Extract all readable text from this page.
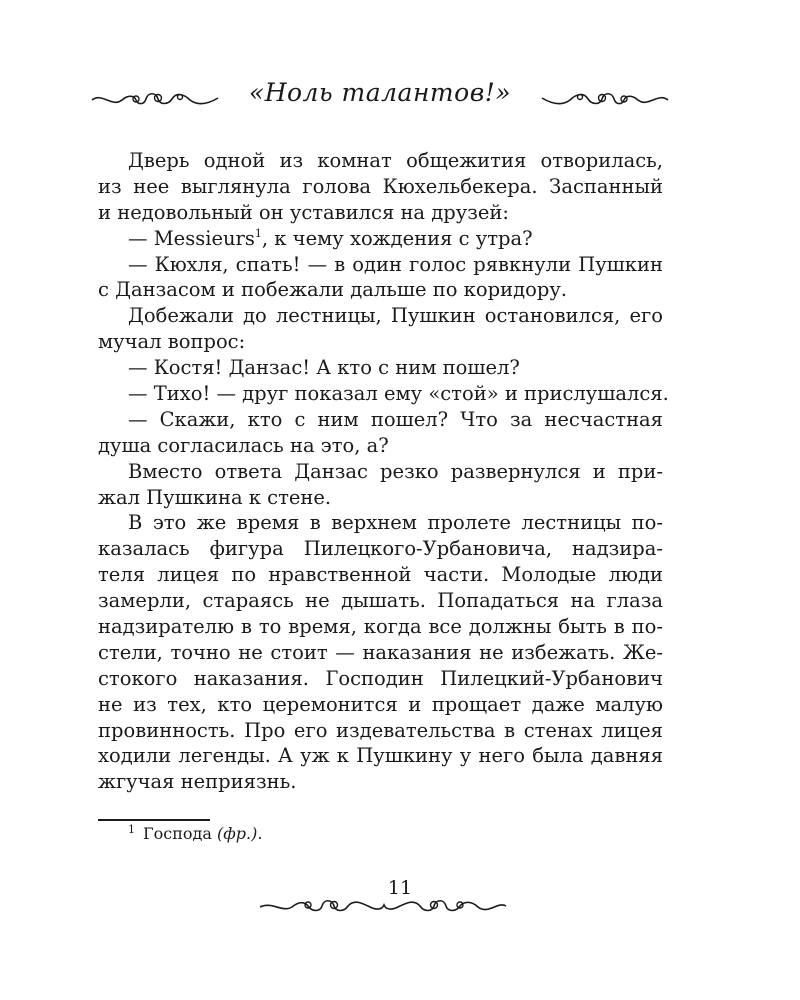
«Ноль талантов!»
Дверь одной из комнат общежития отворилась,
из нее выглянула голова Кюхельбекера. Заспанный
и недовольный он уставился на друзей:
— Messieurs$^1$, к чему хождения с утра?
— Кюхля, спать! — в один голос рявкнули Пушкин
с Данзасом и побежали дальше по коридору.
Добежали до лестницы, Пушкин остановился, его
мучал вопрос:
— Костя! Данзас! А кто с ним пошел?
— Тихо! — друг показал ему «стой» и прислушался.
— Скажи, кто с ним пошел? Что за несчастная
душа согласилась на это, а?
Вместо ответа Данзас резко развернулся и при-
жал Пушкина к стене.
В это же время в верхнем пролете лестницы по-
казалась фигура Пилецкого-Урбановича, надзира-
теля лицея по нравственной части. Молодые люди
замерли, стараясь не дышать. Попадаться на глаза
надзирателю в то время, когда все должны быть в по-
стели, точно не стоит — наказания не избежать. Же-
стокого наказания. Господин Пилецкий-Урбанович
не из тех, кто церемонится и прощает даже малую
провинность. Про его издевательства в стенах лицея
ходили легенды. А уж к Пушкину у него была давняя
жгучая неприязнь.
$^1$ Господа (фр.).
11
